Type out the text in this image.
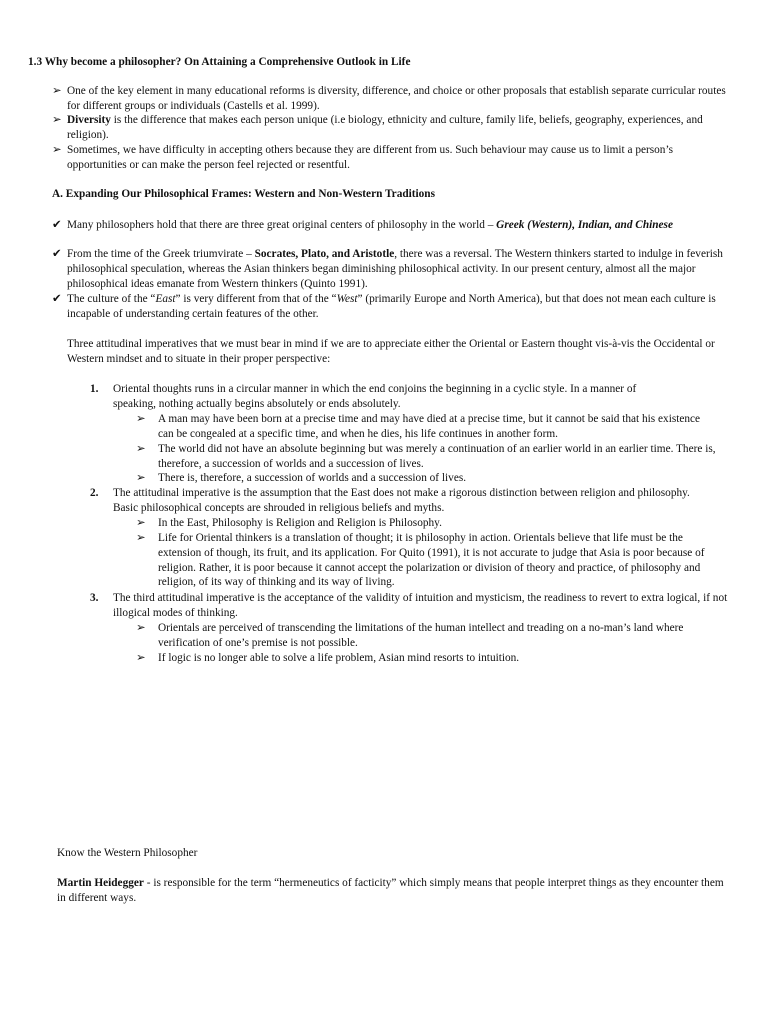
1.3 Why become a philosopher? On Attaining a Comprehensive Outlook in Life
➢ One of the key element in many educational reforms is diversity, difference, and choice or other proposals that establish separate curricular routes for different groups or individuals (Castells et al. 1999).
➢ Diversity is the difference that makes each person unique (i.e biology, ethnicity and culture, family life, beliefs, geography, experiences, and religion).
➢ Sometimes, we have difficulty in accepting others because they are different from us. Such behaviour may cause us to limit a person’s opportunities or can make the person feel rejected or resentful.
A. Expanding Our Philosophical Frames: Western and Non-Western Traditions
✔ Many philosophers hold that there are three great original centers of philosophy in the world – Greek (Western), Indian, and Chinese
✔ From the time of the Greek triumvirate – Socrates, Plato, and Aristotle, there was a reversal. The Western thinkers started to indulge in feverish philosophical speculation, whereas the Asian thinkers began diminishing philosophical activity. In our present century, almost all the major philosophical ideas emanate from Western thinkers (Quinto 1991).
✔ The culture of the “East” is very different from that of the “West” (primarily Europe and North America), but that does not mean each culture is incapable of understanding certain features of the other.
Three attitudinal imperatives that we must bear in mind if we are to appreciate either the Oriental or Eastern thought vis-à-vis the Occidental or Western mindset and to situate in their proper perspective:
1.	Oriental thoughts runs in a circular manner in which the end conjoins the beginning in a cyclic style. In a manner of speaking, nothing actually begins absolutely or ends absolutely.
➢	A man may have been born at a precise time and may have died at a precise time, but it cannot be said that his existence can be congealed at a specific time, and when he dies, his life continues in another form.
➢	The world did not have an absolute beginning but was merely a continuation of an earlier world in an earlier time. There is, therefore, a succession of worlds and a succession of lives.
➢	There is, therefore, a succession of worlds and a succession of lives.
2.	The attitudinal imperative is the assumption that the East does not make a rigorous distinction between religion and philosophy. Basic philosophical concepts are shrouded in religious beliefs and myths.
➢	In the East, Philosophy is Religion and Religion is Philosophy.
➢	Life for Oriental thinkers is a translation of thought; it is philosophy in action. Orientals believe that life must be the extension of though, its fruit, and its application. For Quito (1991), it is not accurate to judge that Asia is poor because of religion. Rather, it is poor because it cannot accept the polarization or division of theory and practice, of philosophy and religion, of its way of thinking and its way of living.
3.	The third attitudinal imperative is the acceptance of the validity of intuition and mysticism, the readiness to revert to extra logical, if not illogical modes of thinking.
➢	Orientals are perceived of transcending the limitations of the human intellect and treading on a no-man’s land where verification of one’s premise is not possible.
➢	If logic is no longer able to solve a life problem, Asian mind resorts to intuition.
Know the Western Philosopher
Martin Heidegger - is responsible for the term “hermeneutics of facticity” which simply means that people interpret things as they encounter them in different ways.
